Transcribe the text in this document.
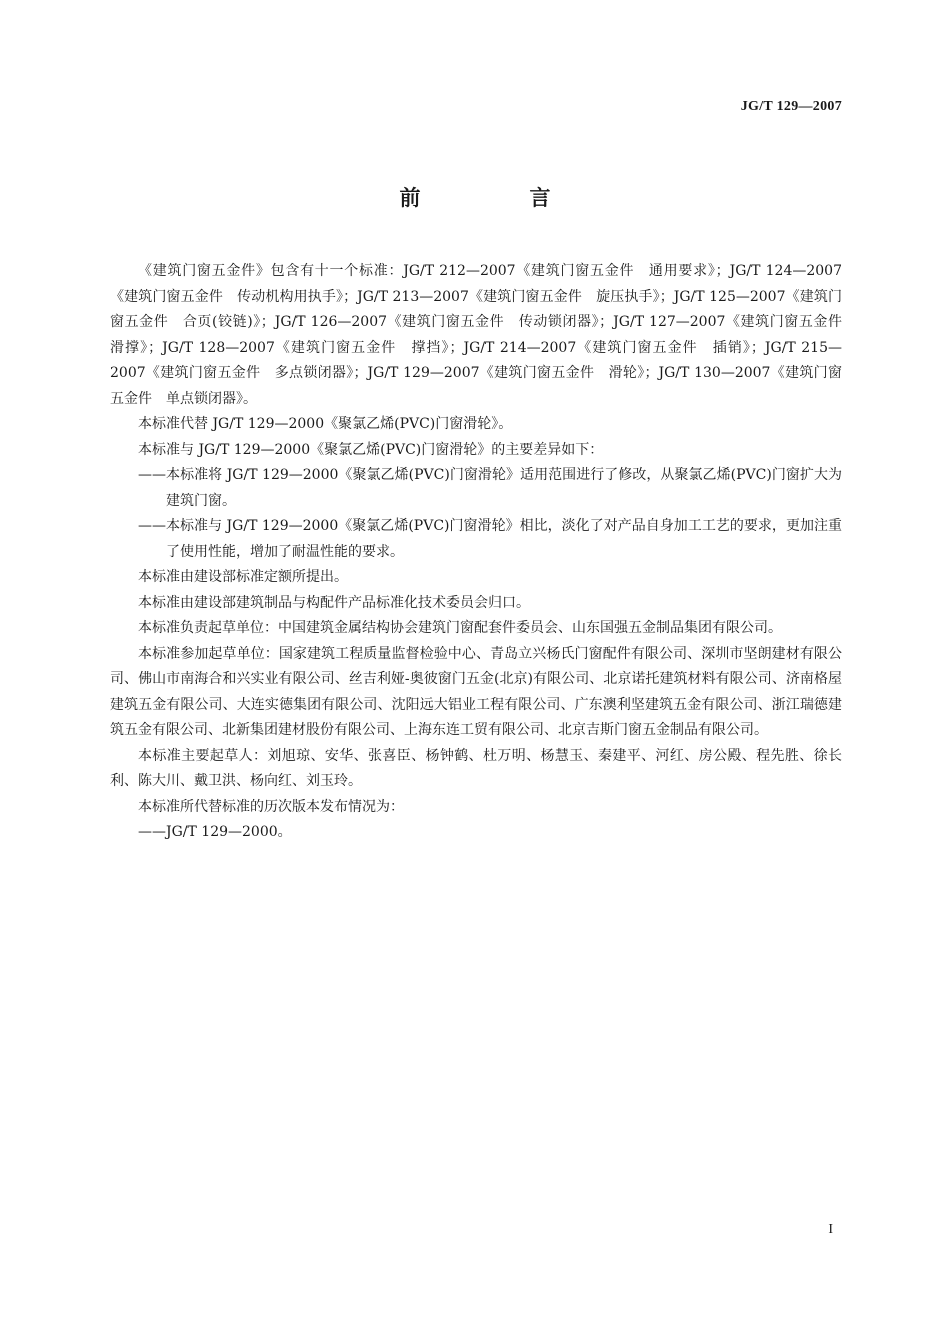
JG/T 129—2007
前　言

《建筑门窗五金件》包含有十一个标准：JG/T 212—2007《建筑门窗五金件　通用要求》；JG/T 124—2007《建筑门窗五金件　传动机构用执手》；JG/T 213—2007《建筑门窗五金件　旋压执手》；JG/T 125—2007《建筑门窗五金件　合页(铰链)》；JG/T 126—2007《建筑门窗五金件　传动锁闭器》；JG/T 127—2007《建筑门窗五金件　滑撑》；JG/T 128—2007《建筑门窗五金件　撑挡》；JG/T 214—2007《建筑门窗五金件　插销》；JG/T 215—2007《建筑门窗五金件　多点锁闭器》；JG/T 129—2007《建筑门窗五金件　滑轮》；JG/T 130—2007《建筑门窗五金件　单点锁闭器》。

本标准代替 JG/T 129—2000《聚氯乙烯(PVC)门窗滑轮》。

本标准与 JG/T 129—2000《聚氯乙烯(PVC)门窗滑轮》的主要差异如下：

——本标准将 JG/T 129—2000《聚氯乙烯(PVC)门窗滑轮》适用范围进行了修改，从聚氯乙烯(PVC)门窗扩大为建筑门窗。

——本标准与 JG/T 129—2000《聚氯乙烯(PVC)门窗滑轮》相比，淡化了对产品自身加工工艺的要求，更加注重了使用性能，增加了耐温性能的要求。

本标准由建设部标准定额所提出。

本标准由建设部建筑制品与构配件产品标准化技术委员会归口。

本标准负责起草单位：中国建筑金属结构协会建筑门窗配套件委员会、山东国强五金制品集团有限公司。

本标准参加起草单位：国家建筑工程质量监督检验中心、青岛立兴杨氏门窗配件有限公司、深圳市坚朗建材有限公司、佛山市南海合和兴实业有限公司、丝吉利娅-奥彼窗门五金(北京)有限公司、北京诺托建筑材料有限公司、济南格屋建筑五金有限公司、大连实德集团有限公司、沈阳远大铝业工程有限公司、广东澳利坚建筑五金有限公司、浙江瑞德建筑五金有限公司、北新集团建材股份有限公司、上海东连工贸有限公司、北京吉斯门窗五金制品有限公司。

本标准主要起草人：刘旭琼、安华、张喜臣、杨钟鹤、杜万明、杨慧玉、秦建平、河红、房公殿、程先胜、徐长利、陈大川、戴卫洪、杨向红、刘玉玲。

本标准所代替标准的历次版本发布情况为：

——JG/T 129—2000。

I
